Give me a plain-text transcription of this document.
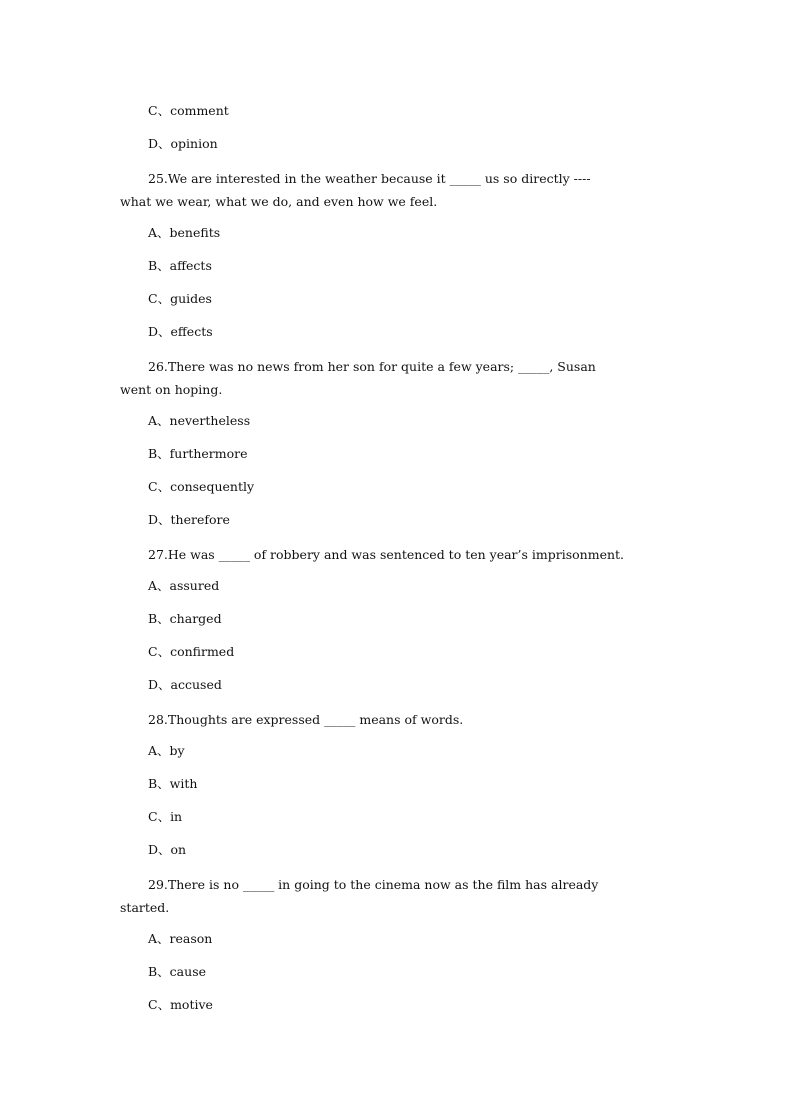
C、comment
D、opinion
25.We are interested in the weather because it _____ us so directly ----
what we wear, what we do, and even how we feel.
A、benefits
B、affects
C、guides
D、effects
26.There was no news from her son for quite a few years; _____, Susan
went on hoping.
A、nevertheless
B、furthermore
C、consequently
D、therefore
27.He was _____ of robbery and was sentenced to ten year’s imprisonment.
A、assured
B、charged
C、confirmed
D、accused
28.Thoughts are expressed _____ means of words.
A、by
B、with
C、in
D、on
29.There is no _____ in going to the cinema now as the film has already
started.
A、reason
B、cause
C、motive
